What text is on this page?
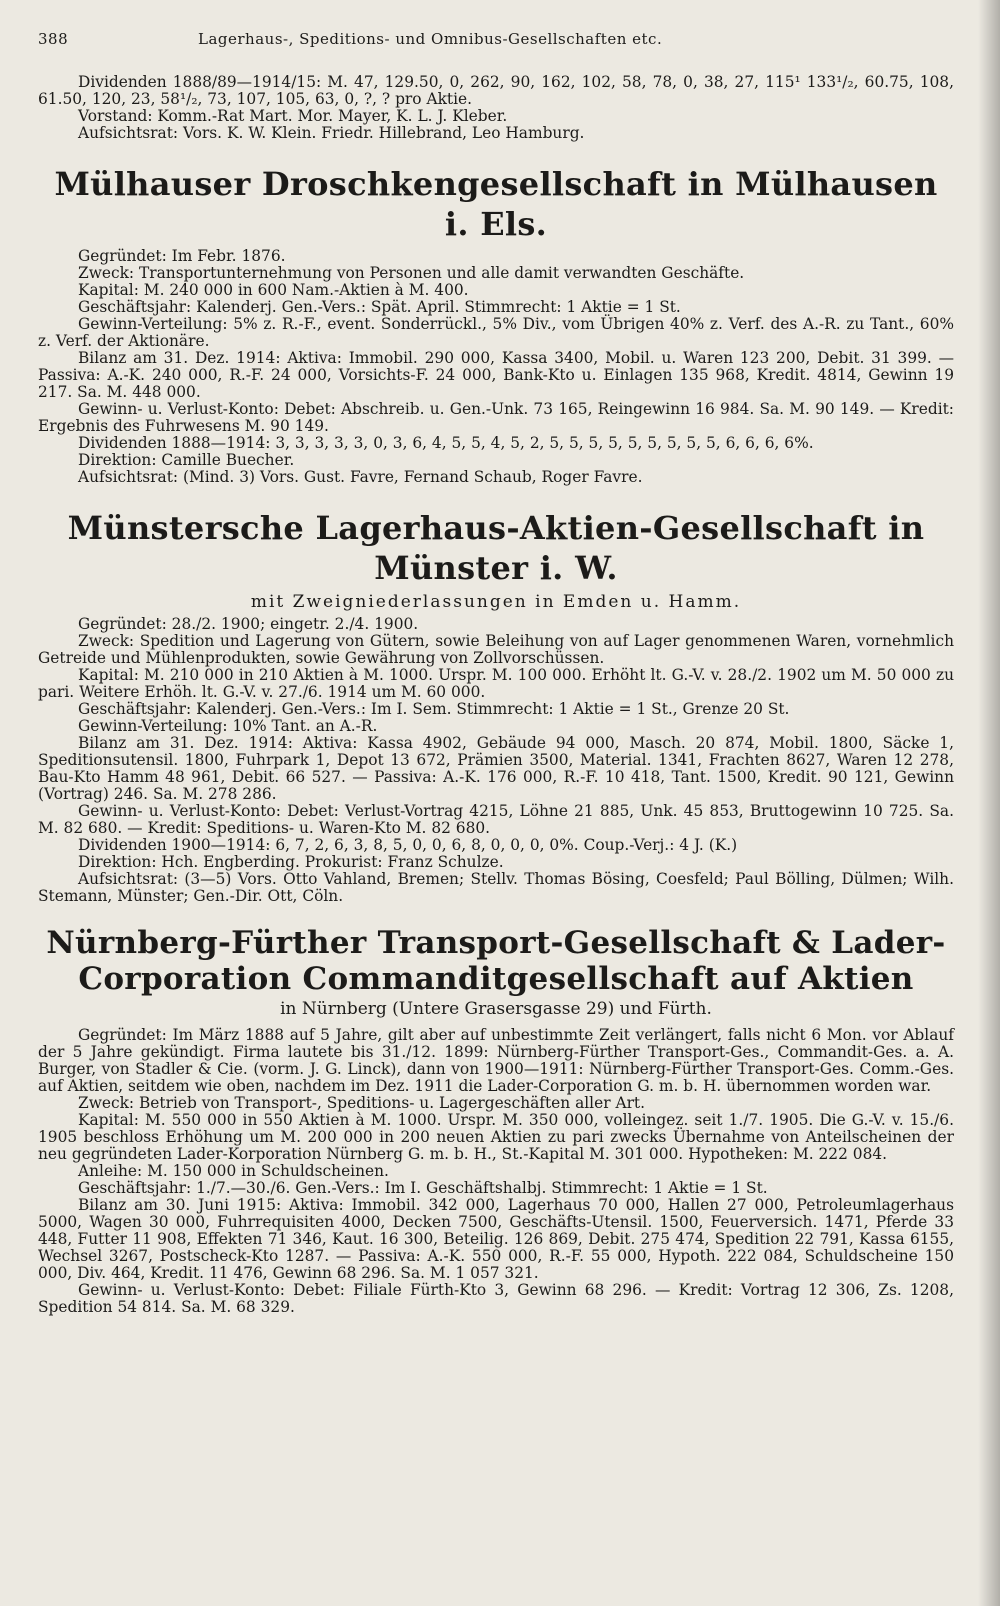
388	Lagerhaus-, Speditions- und Omnibus-Gesellschaften etc.

Dividenden 1888/89—1914/15: M. 47, 129.50, 0, 262, 90, 162, 102, 58, 78, 0, 38, 27, 115¹ 133¹/₂, 60.75, 108, 61.50, 120, 23, 58¹/₂, 73, 107, 105, 63, 0, ?, ? pro Aktie.

Vorstand: Komm.-Rat Mart. Mor. Mayer, K. L. J. Kleber.

Aufsichtsrat: Vors. K. W. Klein. Friedr. Hillebrand, Leo Hamburg.

Mülhauser Droschkengesellschaft in Mülhausen i. Els.

Gegründet: Im Febr. 1876.

Zweck: Transportunternehmung von Personen und alle damit verwandten Geschäfte.

Kapital: M. 240 000 in 600 Nam.-Aktien à M. 400.

Geschäftsjahr: Kalenderj. Gen.-Vers.: Spät. April. Stimmrecht: 1 Aktie = 1 St.

Gewinn-Verteilung: 5% z. R.-F., event. Sonderrückl., 5% Div., vom Übrigen 40% z. Verf. des A.-R. zu Tant., 60% z. Verf. der Aktionäre.

Bilanz am 31. Dez. 1914: Aktiva: Immobil. 290 000, Kassa 3400, Mobil. u. Waren 123 200, Debit. 31 399. — Passiva: A.-K. 240 000, R.-F. 24 000, Vorsichts-F. 24 000, Bank-Kto u. Einlagen 135 968, Kredit. 4814, Gewinn 19 217. Sa. M. 448 000.

Gewinn- u. Verlust-Konto: Debet: Abschreib. u. Gen.-Unk. 73 165, Reingewinn 16 984. Sa. M. 90 149. — Kredit: Ergebnis des Fuhrwesens M. 90 149.

Dividenden 1888—1914: 3, 3, 3, 3, 3, 0, 3, 6, 4, 5, 5, 4, 5, 2, 5, 5, 5, 5, 5, 5, 5, 5, 5, 6, 6, 6, 6%.

Direktion: Camille Buecher.

Aufsichtsrat: (Mind. 3) Vors. Gust. Favre, Fernand Schaub, Roger Favre.

Münstersche Lagerhaus-Aktien-Gesellschaft in Münster i. W.

mit Zweigniederlassungen in Emden u. Hamm.

Gegründet: 28./2. 1900; eingetr. 2./4. 1900.

Zweck: Spedition und Lagerung von Gütern, sowie Beleihung von auf Lager genommenen Waren, vornehmlich Getreide und Mühlenprodukten, sowie Gewährung von Zollvorschüssen.

Kapital: M. 210 000 in 210 Aktien à M. 1000. Urspr. M. 100 000. Erhöht lt. G.-V. v. 28./2. 1902 um M. 50 000 zu pari. Weitere Erhöh. lt. G.-V. v. 27./6. 1914 um M. 60 000.

Geschäftsjahr: Kalenderj. Gen.-Vers.: Im I. Sem. Stimmrecht: 1 Aktie = 1 St., Grenze 20 St.

Gewinn-Verteilung: 10% Tant. an A.-R.

Bilanz am 31. Dez. 1914: Aktiva: Kassa 4902, Gebäude 94 000, Masch. 20 874, Mobil. 1800, Säcke 1, Speditionsutensil. 1800, Fuhrpark 1, Depot 13 672, Prämien 3500, Material. 1341, Frachten 8627, Waren 12 278, Bau-Kto Hamm 48 961, Debit. 66 527. — Passiva: A.-K. 176 000, R.-F. 10 418, Tant. 1500, Kredit. 90 121, Gewinn (Vortrag) 246. Sa. M. 278 286.

Gewinn- u. Verlust-Konto: Debet: Verlust-Vortrag 4215, Löhne 21 885, Unk. 45 853, Bruttogewinn 10 725. Sa. M. 82 680. — Kredit: Speditions- u. Waren-Kto M. 82 680.

Dividenden 1900—1914: 6, 7, 2, 6, 3, 8, 5, 0, 0, 6, 8, 0, 0, 0, 0%. Coup.-Verj.: 4 J. (K.)

Direktion: Hch. Engberding. Prokurist: Franz Schulze.

Aufsichtsrat: (3—5) Vors. Otto Vahland, Bremen; Stellv. Thomas Bösing, Coesfeld; Paul Bölling, Dülmen; Wilh. Stemann, Münster; Gen.-Dir. Ott, Cöln.

Nürnberg-Fürther Transport-Gesellschaft & Lader-
Corporation Commanditgesellschaft auf Aktien

in Nürnberg (Untere Grasersgasse 29) und Fürth.

Gegründet: Im März 1888 auf 5 Jahre, gilt aber auf unbestimmte Zeit verlängert, falls nicht 6 Mon. vor Ablauf der 5 Jahre gekündigt. Firma lautete bis 31./12. 1899: Nürnberg-Fürther Transport-Ges., Commandit-Ges. a. A. Burger, von Stadler & Cie. (vorm. J. G. Linck), dann von 1900—1911: Nürnberg-Fürther Transport-Ges. Comm.-Ges. auf Aktien, seitdem wie oben, nachdem im Dez. 1911 die Lader-Corporation G. m. b. H. übernommen worden war.

Zweck: Betrieb von Transport-, Speditions- u. Lagergeschäften aller Art.

Kapital: M. 550 000 in 550 Aktien à M. 1000. Urspr. M. 350 000, volleingez. seit 1./7. 1905. Die G.-V. v. 15./6. 1905 beschloss Erhöhung um M. 200 000 in 200 neuen Aktien zu pari zwecks Übernahme von Anteilscheinen der neu gegründeten Lader-Korporation Nürnberg G. m. b. H., St.-Kapital M. 301 000. Hypotheken: M. 222 084.

Anleihe: M. 150 000 in Schuldscheinen.

Geschäftsjahr: 1./7.—30./6. Gen.-Vers.: Im I. Geschäftshalbj. Stimmrecht: 1 Aktie = 1 St.

Bilanz am 30. Juni 1915: Aktiva: Immobil. 342 000, Lagerhaus 70 000, Hallen 27 000, Petroleumlagerhaus 5000, Wagen 30 000, Fuhrrequisiten 4000, Decken 7500, Geschäfts-Utensil. 1500, Feuerversich. 1471, Pferde 33 448, Futter 11 908, Effekten 71 346, Kaut. 16 300, Beteilig. 126 869, Debit. 275 474, Spedition 22 791, Kassa 6155, Wechsel 3267, Postscheck-Kto 1287. — Passiva: A.-K. 550 000, R.-F. 55 000, Hypoth. 222 084, Schuldscheine 150 000, Div. 464, Kredit. 11 476, Gewinn 68 296. Sa. M. 1 057 321.

Gewinn- u. Verlust-Konto: Debet: Filiale Fürth-Kto 3, Gewinn 68 296. — Kredit: Vortrag 12 306, Zs. 1208, Spedition 54 814. Sa. M. 68 329.
